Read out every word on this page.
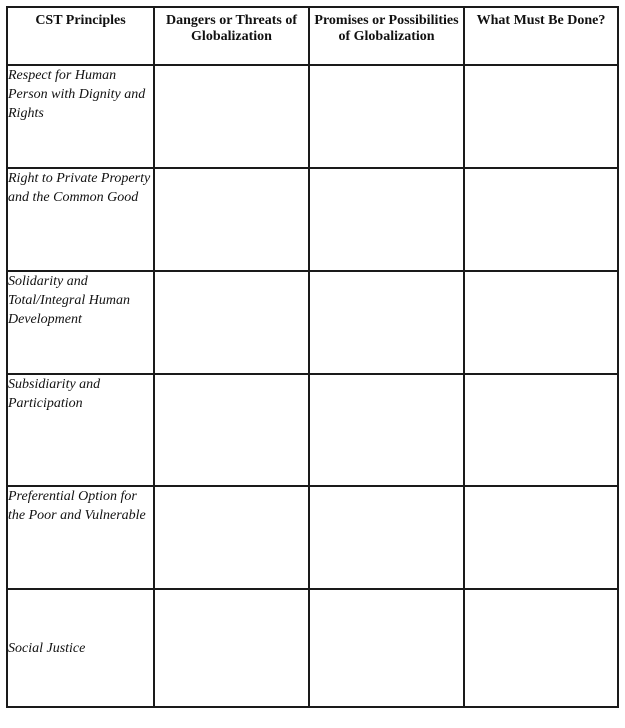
CST Principles	Dangers or Threats of Globalization	Promises or Possibilities of Globalization	What Must Be Done?
Respect for Human Person with Dignity and Rights			
Right to Private Property and the Common Good			
Solidarity and Total/Integral Human Development			
Subsidiarity and Participation			
Preferential Option for the Poor and Vulnerable			
Social Justice			
